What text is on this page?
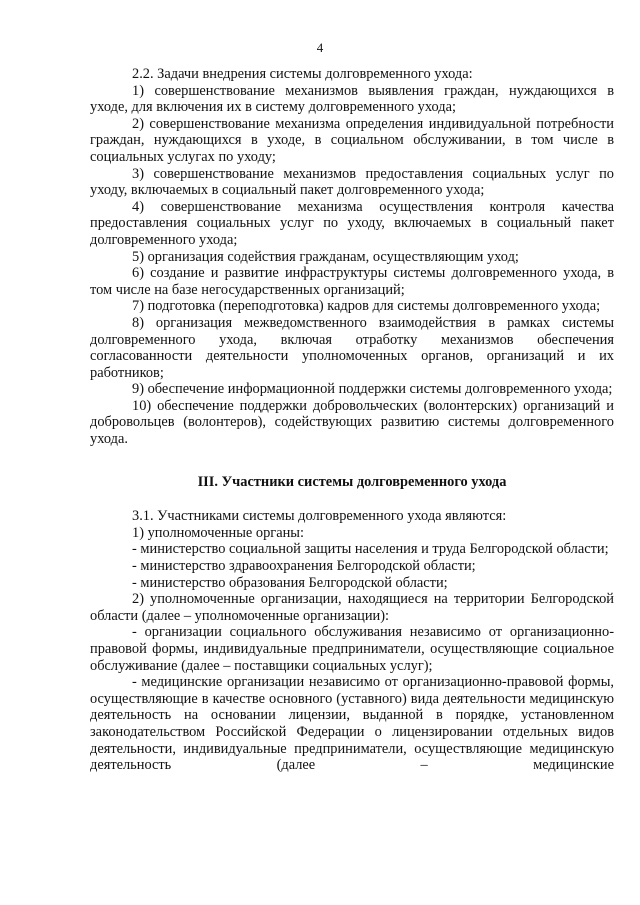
4

2.2. Задачи внедрения системы долговременного ухода:

1) совершенствование механизмов выявления граждан, нуждающихся в уходе, для включения их в систему долговременного ухода;

2) совершенствование механизма определения индивидуальной потребности граждан, нуждающихся в уходе, в социальном обслуживании, в том числе в социальных услугах по уходу;

3) совершенствование механизмов предоставления социальных услуг по уходу, включаемых в социальный пакет долговременного ухода;

4) совершенствование механизма осуществления контроля качества предоставления социальных услуг по уходу, включаемых в социальный пакет долговременного ухода;

5) организация содействия гражданам, осуществляющим уход;

6) создание и развитие инфраструктуры системы долговременного ухода, в том числе на базе негосударственных организаций;

7) подготовка (переподготовка) кадров для системы долговременного ухода;

8) организация межведомственного взаимодействия в рамках системы долговременного ухода, включая отработку механизмов обеспечения согласованности деятельности уполномоченных органов, организаций и их работников;

9) обеспечение информационной поддержки системы долговременного ухода;

10) обеспечение поддержки добровольческих (волонтерских) организаций и добровольцев (волонтеров), содействующих развитию системы долговременного ухода.

III. Участники системы долговременного ухода

3.1. Участниками системы долговременного ухода являются:

1) уполномоченные органы:

- министерство социальной защиты населения и труда Белгородской области;

- министерство здравоохранения Белгородской области;

- министерство образования Белгородской области;

2) уполномоченные организации, находящиеся на территории Белгородской области (далее – уполномоченные организации):

- организации социального обслуживания независимо от организационно-правовой формы, индивидуальные предприниматели, осуществляющие социальное обслуживание (далее – поставщики социальных услуг);

- медицинские организации независимо от организационно-правовой формы, осуществляющие в качестве основного (уставного) вида деятельности медицинскую деятельность на основании лицензии, выданной в порядке, установленном законодательством Российской Федерации о лицензировании отдельных видов деятельности, индивидуальные предприниматели, осуществляющие медицинскую деятельность (далее – медицинские
